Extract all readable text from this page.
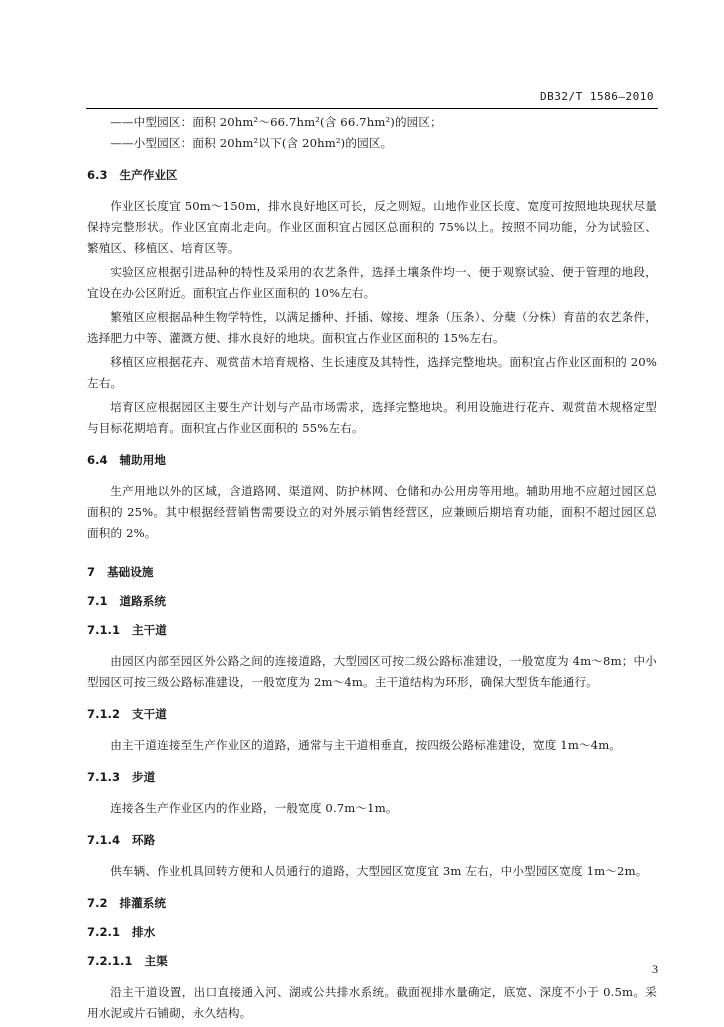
DB32/T 1586—2010

——中型园区：面积 20hm²～66.7hm²(含 66.7hm²)的园区；

——小型园区：面积 20hm²以下(含 20hm²)的园区。

6.3 生产作业区

作业区长度宜 50m～150m，排水良好地区可长，反之则短。山地作业区长度、宽度可按照地块现状尽量保持完整形状。作业区宜南北走向。作业区面积宜占园区总面积的 75%以上。按照不同功能，分为试验区、繁殖区、移植区、培育区等。

实验区应根据引进品种的特性及采用的农艺条件，选择土壤条件均一、便于观察试验、便于管理的地段，宜设在办公区附近。面积宜占作业区面积的 10%左右。

繁殖区应根据品种生物学特性，以满足播种、扦插、嫁接、埋条（压条）、分蘖（分株）育苗的农艺条件，选择肥力中等、灌溉方便、排水良好的地块。面积宜占作业区面积的 15%左右。

移植区应根据花卉、观赏苗木培育规格、生长速度及其特性，选择完整地块。面积宜占作业区面积的 20%左右。

培育区应根据园区主要生产计划与产品市场需求，选择完整地块。利用设施进行花卉、观赏苗木规格定型与目标花期培育。面积宜占作业区面积的 55%左右。

6.4 辅助用地

生产用地以外的区域，含道路网、渠道网、防护林网、仓储和办公用房等用地。辅助用地不应超过园区总面积的 25%。其中根据经营销售需要设立的对外展示销售经营区，应兼顾后期培育功能，面积不超过园区总面积的 2%。

7 基础设施
7.1 道路系统
7.1.1 主干道

由园区内部至园区外公路之间的连接道路，大型园区可按二级公路标准建设，一般宽度为 4m～8m；中小型园区可按三级公路标准建设，一般宽度为 2m～4m。主干道结构为环形，确保大型货车能通行。

7.1.2 支干道

由主干道连接至生产作业区的道路，通常与主干道相垂直，按四级公路标准建设，宽度 1m～4m。

7.1.3 步道

连接各生产作业区内的作业路，一般宽度 0.7m～1m。

7.1.4 环路

供车辆、作业机具回转方便和人员通行的道路，大型园区宽度宜 3m 左右，中小型园区宽度 1m～2m。

7.2 排灌系统
7.2.1 排水
7.2.1.1 主渠

沿主干道设置，出口直接通入河、湖或公共排水系统。截面视排水量确定，底宽、深度不小于 0.5m。采用水泥或片石铺砌，永久结构。

3
